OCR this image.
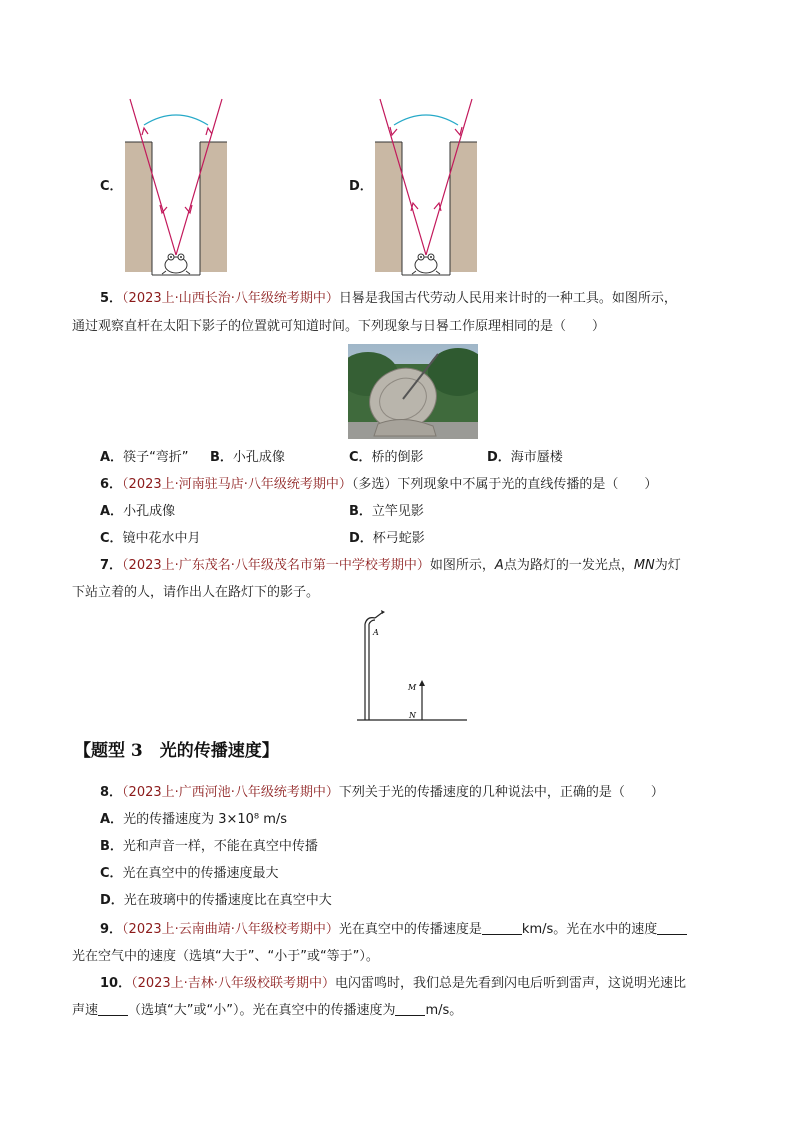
C．	D．
5．（2023上·山西长治·八年级统考期中）日晷是我国古代劳动人民用来计时的一种工具。如图所示，
通过观察直杆在太阳下影子的位置就可知道时间。下列现象与日晷工作原理相同的是（　　）
A．筷子“弯折” B．小孔成像	C．桥的倒影	D．海市蜃楼
6．（2023上·河南驻马店·八年级统考期中）（多选）下列现象中不属于光的直线传播的是（　　）
A．小孔成像	B．立竿见影
C．镜中花水中月	D．杯弓蛇影
7．（2023上·广东茂名·八年级茂名市第一中学校考期中）如图所示，A点为路灯的一发光点，MN为灯
下站立着的人，请作出人在路灯下的影子。
A
M
N
【题型 3　光的传播速度】
8．（2023上·广西河池·八年级统考期中）下列关于光的传播速度的几种说法中，正确的是（　　）
A．光的传播速度为 3×10⁸ m/s
B．光和声音一样，不能在真空中传播
C．光在真空中的传播速度最大
D．光在玻璃中的传播速度比在真空中大
9．（2023上·云南曲靖·八年级校考期中）光在真空中的传播速度是	km/s。光在水中的速度
光在空气中的速度（选填“大于”、“小于”或“等于”）。
10．（2023上·吉林·八年级校联考期中）电闪雷鸣时，我们总是先看到闪电后听到雷声，这说明光速比
声速 （选填“大”或“小”）。光在真空中的传播速度为 m/s。
